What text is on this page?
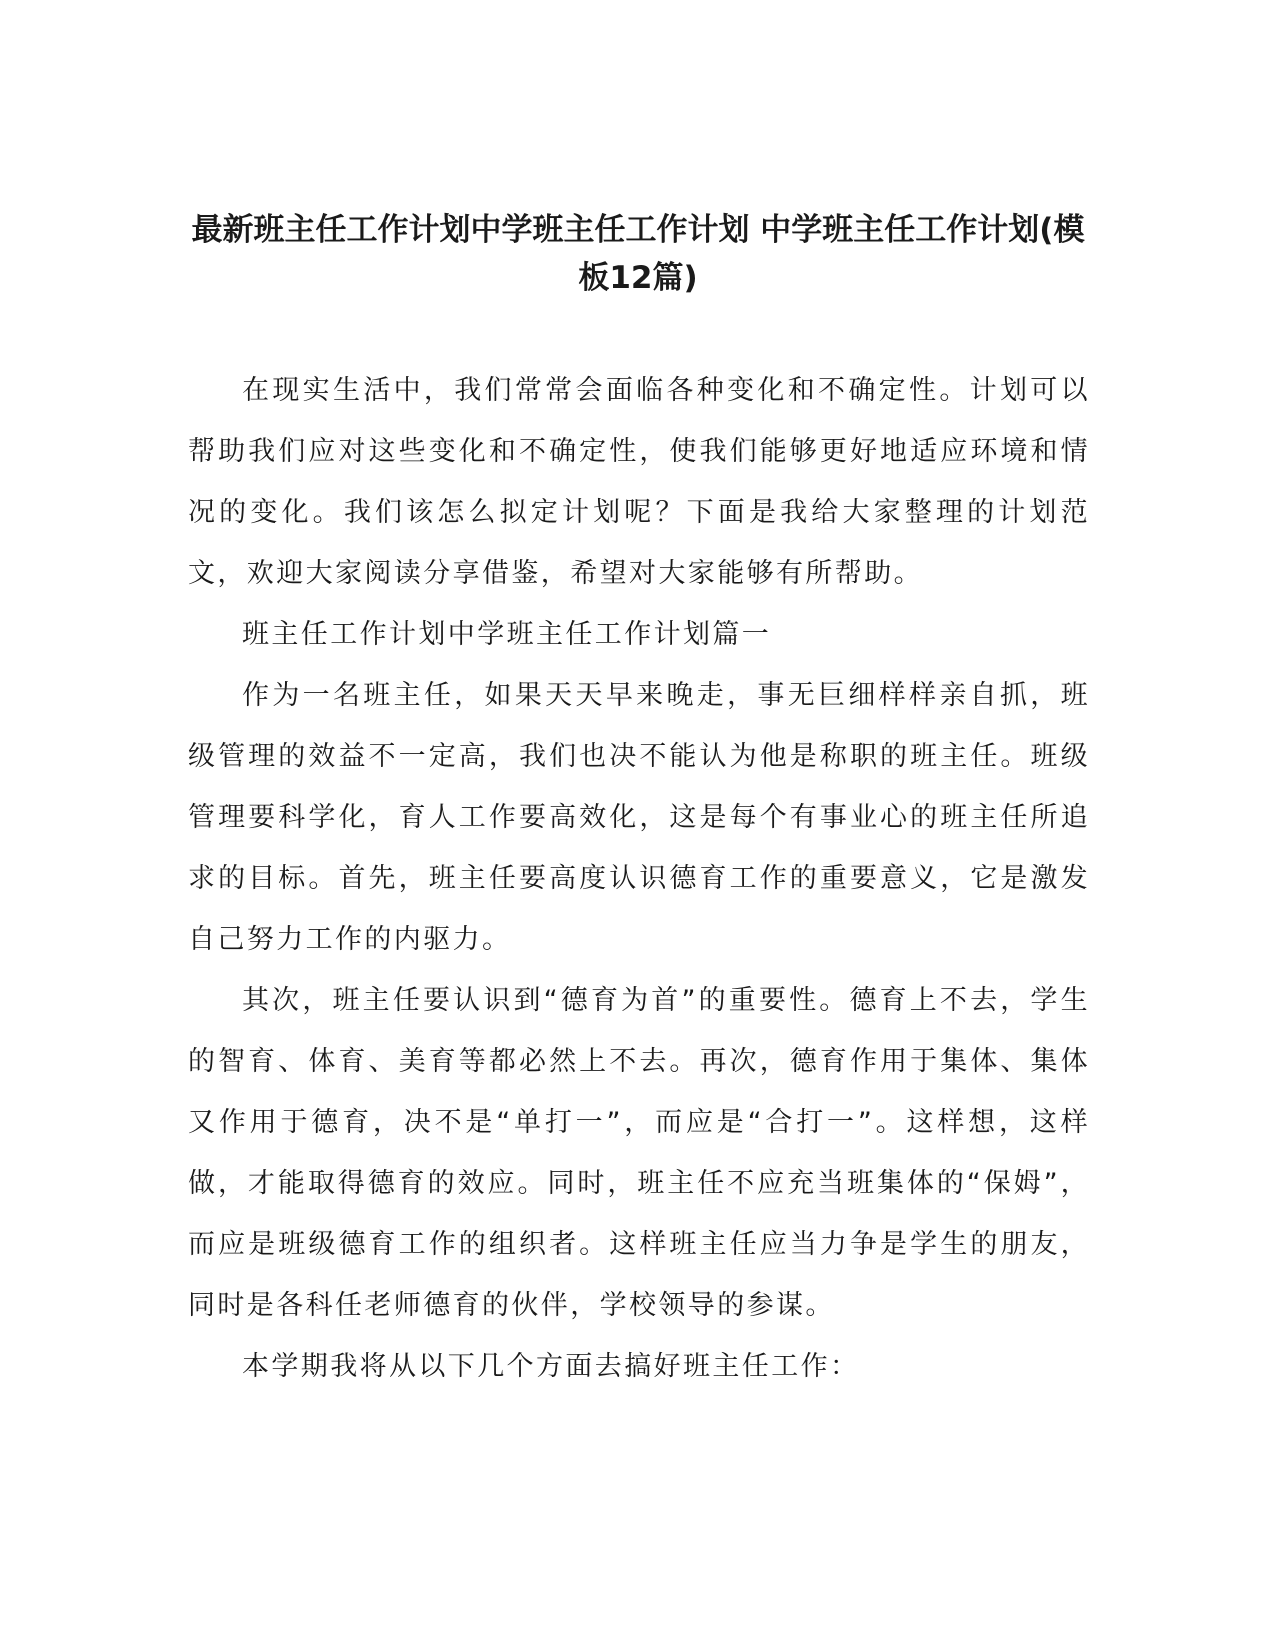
最新班主任工作计划中学班主任工作计划 中学班主任工作计划(模板12篇)

在现实生活中，我们常常会面临各种变化和不确定性。计划可以帮助我们应对这些变化和不确定性，使我们能够更好地适应环境和情况的变化。我们该怎么拟定计划呢？下面是我给大家整理的计划范文，欢迎大家阅读分享借鉴，希望对大家能够有所帮助。

班主任工作计划中学班主任工作计划篇一

作为一名班主任，如果天天早来晚走，事无巨细样样亲自抓，班级管理的效益不一定高，我们也决不能认为他是称职的班主任。班级管理要科学化，育人工作要高效化，这是每个有事业心的班主任所追求的目标。首先，班主任要高度认识德育工作的重要意义，它是激发自己努力工作的内驱力。

其次，班主任要认识到“德育为首”的重要性。德育上不去，学生的智育、体育、美育等都必然上不去。再次，德育作用于集体、集体又作用于德育，决不是“单打一”，而应是“合打一”。这样想，这样做，才能取得德育的效应。同时，班主任不应充当班集体的“保姆”，而应是班级德育工作的组织者。这样班主任应当力争是学生的朋友，同时是各科任老师德育的伙伴，学校领导的参谋。

本学期我将从以下几个方面去搞好班主任工作：
